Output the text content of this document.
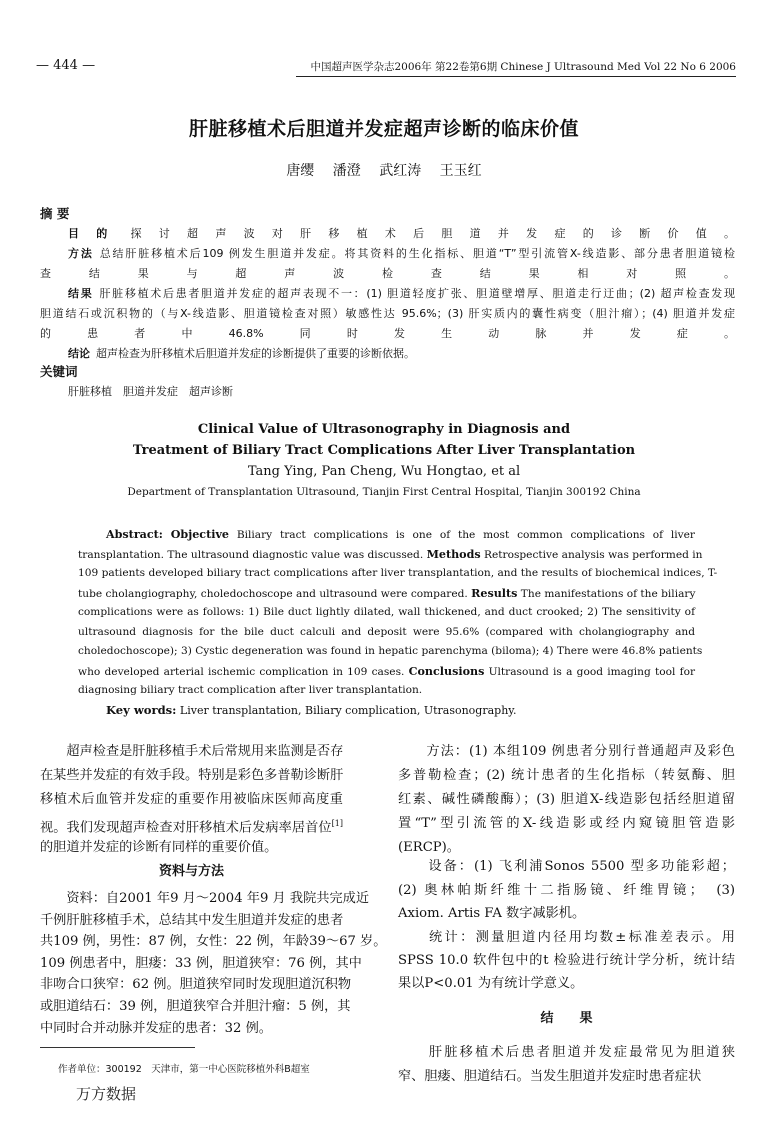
— 444 —	中国超声医学杂志2006年 第22卷第6期 Chinese J Ultrasound Med Vol 22 No 6 2006
肝脏移植术后胆道并发症超声诊断的临床价值
唐缨 潘澄 武红涛 王玉红
摘 要
目的 探讨超声波对肝移植术后胆道并发症的诊断价值。
方法 总结肝脏移植术后109 例发生胆道并发症。将其资料的生化指标、胆道“T”型引流管X-线造影、部分患者胆道镜检
查结果与超声波检查结果相对照。
结果 肝脏移植术后患者胆道并发症的超声表现不一：(1) 胆道轻度扩张、胆道壁增厚、胆道走行迂曲；(2) 超声检查发现
胆道结石或沉积物的（与X-线造影、胆道镜检查对照）敏感性达 95.6%；(3) 肝实质内的囊性病变（胆汁瘤）；(4) 胆道并发症
的患者中46.8%同时发生动脉并发症。
结论 超声检查为肝移植术后胆道并发症的诊断提供了重要的诊断依据。
关键词
肝脏移植　胆道并发症　超声诊断
Clinical Value of Ultrasonography in Diagnosis and
Treatment of Biliary Tract Complications After Liver Transplantation
Tang Ying, Pan Cheng, Wu Hongtao, et al
Department of Transplantation Ultrasound, Tianjin First Central Hospital, Tianjin 300192 China
Abstract: Objective Biliary tract complications is one of the most common complications of liver
transplantation. The ultrasound diagnostic value was discussed. Methods Retrospective analysis was performed in
109 patients developed biliary tract complications after liver transplantation, and the results of biochemical indices, T-
tube cholangiography, choledochoscope and ultrasound were compared. Results The manifestations of the biliary
complications were as follows: 1) Bile duct lightly dilated, wall thickened, and duct crooked; 2) The sensitivity of
ultrasound diagnosis for the bile duct calculi and deposit were 95.6% (compared with cholangiography and
choledochoscope); 3) Cystic degeneration was found in hepatic parenchyma (biloma); 4) There were 46.8% patients
who developed arterial ischemic complication in 109 cases. Conclusions Ultrasound is a good imaging tool for
diagnosing biliary tract complication after liver transplantation.
Key words: Liver transplantation, Biliary complication, Utrasonography.
　　超声检查是肝脏移植手术后常规用来监测是否存
在某些并发症的有效手段。特别是彩色多普勒诊断肝
移植术后血管并发症的重要作用被临床医师高度重
视。我们发现超声检查对肝移植术后发病率居首位[1]
的胆道并发症的诊断有同样的重要价值。
资料与方法
　　资料：自2001 年9 月～2004 年9 月 我院共完成近
千例肝脏移植手术，总结其中发生胆道并发症的患者
共109 例，男性：87 例，女性：22 例，年龄39～67 岁。
109 例患者中，胆瘘：33 例，胆道狭窄：76 例，其中
非吻合口狭窄：62 例。胆道狭窄同时发现胆道沉积物
或胆道结石：39 例，胆道狭窄合并胆汁瘤：5 例，其
中同时合并动脉并发症的患者：32 例。
作者单位：300192　天津市，第一中心医院移植外科B超室
万方数据
　　方法：(1) 本组109 例患者分别行普通超声及彩色
多普勒检查；(2) 统计患者的生化指标（转氨酶、胆
红素、碱性磷酸酶）；(3) 胆道X-线造影包括经胆道留
置“T”型引流管的X-线造影或经内窥镜胆管造影
(ERCP)。
　　设备：(1) 飞利浦Sonos 5500 型多功能彩超；
(2) 奥林帕斯纤维十二指肠镜、纤维胃镜；　(3)
Axiom. Artis FA 数字减影机。
　　统计：测量胆道内径用均数±标准差表示。用
SPSS 10.0 软件包中的t 检验进行统计学分析，统计结
果以P<0.01 为有统计学意义。
结　　果
　　肝脏移植术后患者胆道并发症最常见为胆道狭
窄、胆瘘、胆道结石。当发生胆道并发症时患者症状
